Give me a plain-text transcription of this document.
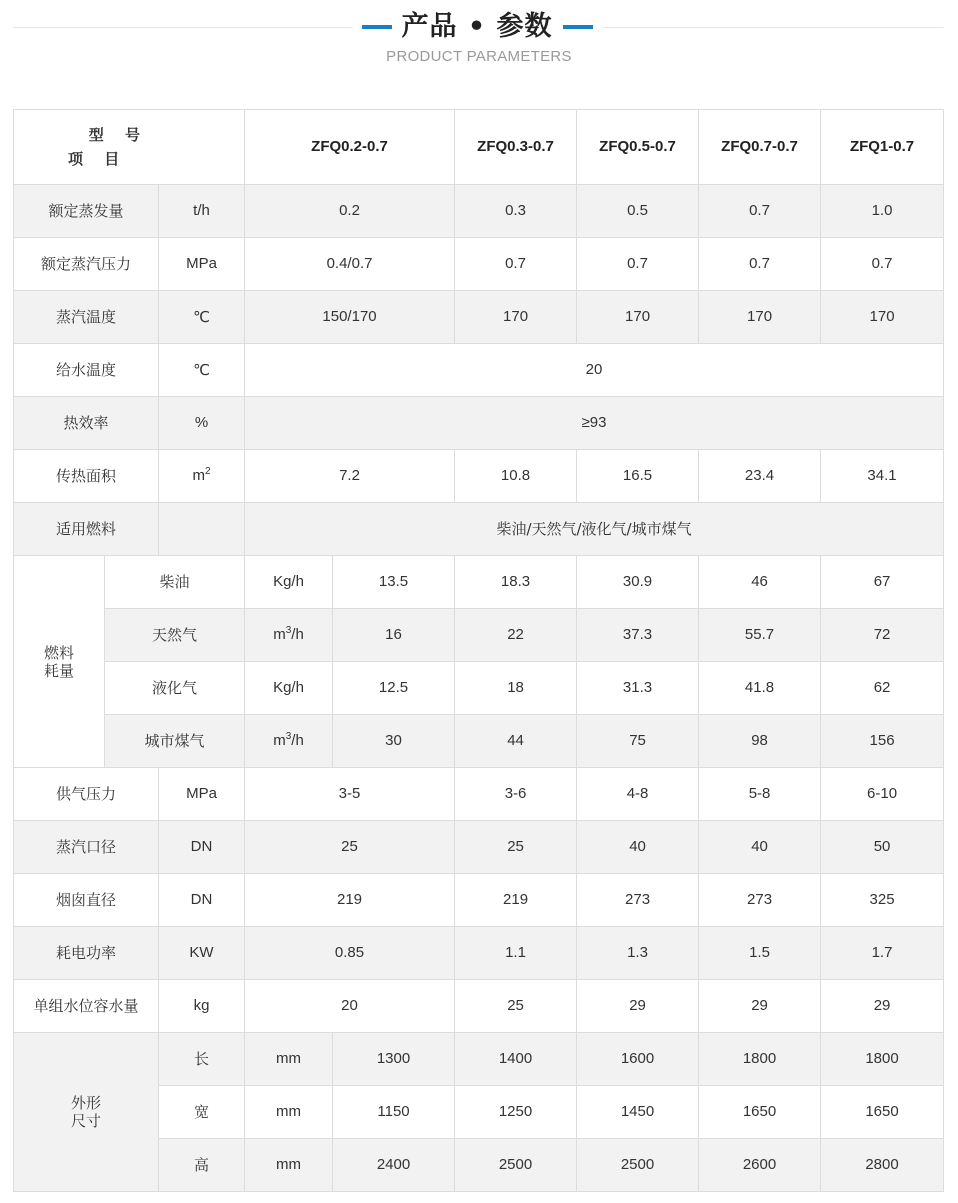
产品 • 参数
PRODUCT PARAMETERS
型 号
项 目			ZFQ0.2-0.7		ZFQ0.3-0.7	ZFQ0.5-0.7	ZFQ0.7-0.7	ZFQ1-0.7
额定蒸发量		t/h	0.2		0.3	0.5	0.7	1.0
额定蒸汽压力		MPa	0.4/0.7		0.7	0.7	0.7	0.7
蒸汽温度		℃	150/170		170	170	170	170
给水温度		℃	20					
热效率		%	≥93					
传热面积		$m^2$	7.2		10.8	16.5	23.4	34.1
适用燃料			柴油/天然气/液化气/城市煤气					
燃料
耗量	柴油		Kg/h	13.5	18.3	30.9	46	67
	天然气		$m^3/h$	16	22	37.3	55.7	72
	液化气		Kg/h	12.5	18	31.3	41.8	62
	城市煤气		$m^3/h$	30	44	75	98	156
供气压力		MPa	3-5		3-6	4-8	5-8	6-10
蒸汽口径		DN	25		25	40	40	50
烟囱直径		DN	219		219	273	273	325
耗电功率		KW	0.85		1.1	1.3	1.5	1.7
单组水位容水量		kg	20		25	29	29	29
外形
尺寸		长	mm	1300	1400	1600	1800	1800
		宽	mm	1150	1250	1450	1650	1650
		高	mm	2400	2500	2500	2600	2800
